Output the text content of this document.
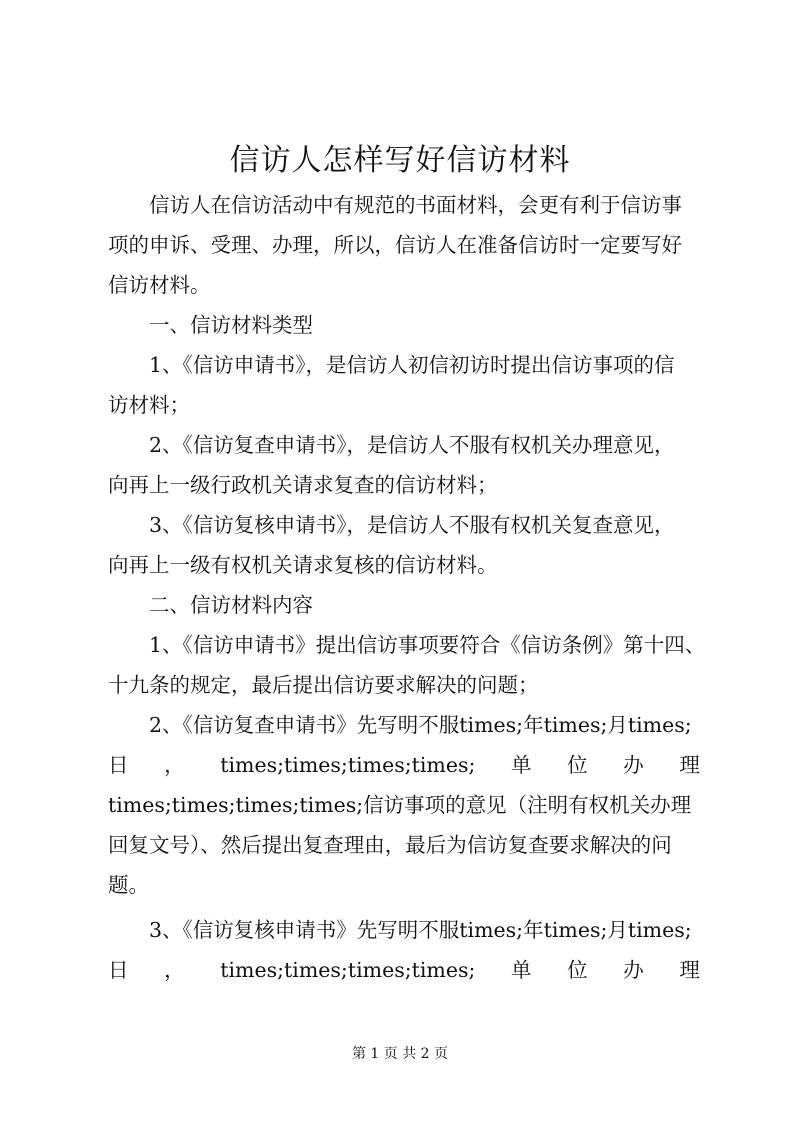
信访人怎样写好信访材料
　　信访人在信访活动中有规范的书面材料，会更有利于信访事
项的申诉、受理、办理，所以，信访人在准备信访时一定要写好
信访材料。
　　一、信访材料类型
　　1、《信访申请书》，是信访人初信初访时提出信访事项的信
访材料；
　　2、《信访复查申请书》，是信访人不服有权机关办理意见，
向再上一级行政机关请求复查的信访材料；
　　3、《信访复核申请书》，是信访人不服有权机关复查意见，
向再上一级有权机关请求复核的信访材料。
　　二、信访材料内容
　　1、《信访申请书》提出信访事项要符合《信访条例》第十四、
十九条的规定，最后提出信访要求解决的问题；
　　2、《信访复查申请书》先写明不服times;年times;月times;
日 ， times;times;times;times; 单 位 办 理
times;times;times;times;信访事项的意见（注明有权机关办理
回复文号）、然后提出复查理由，最后为信访复查要求解决的问
题。
　　3、《信访复核申请书》先写明不服times;年times;月times;
日 ， times;times;times;times; 单 位 办 理
第 1 页 共 2 页
